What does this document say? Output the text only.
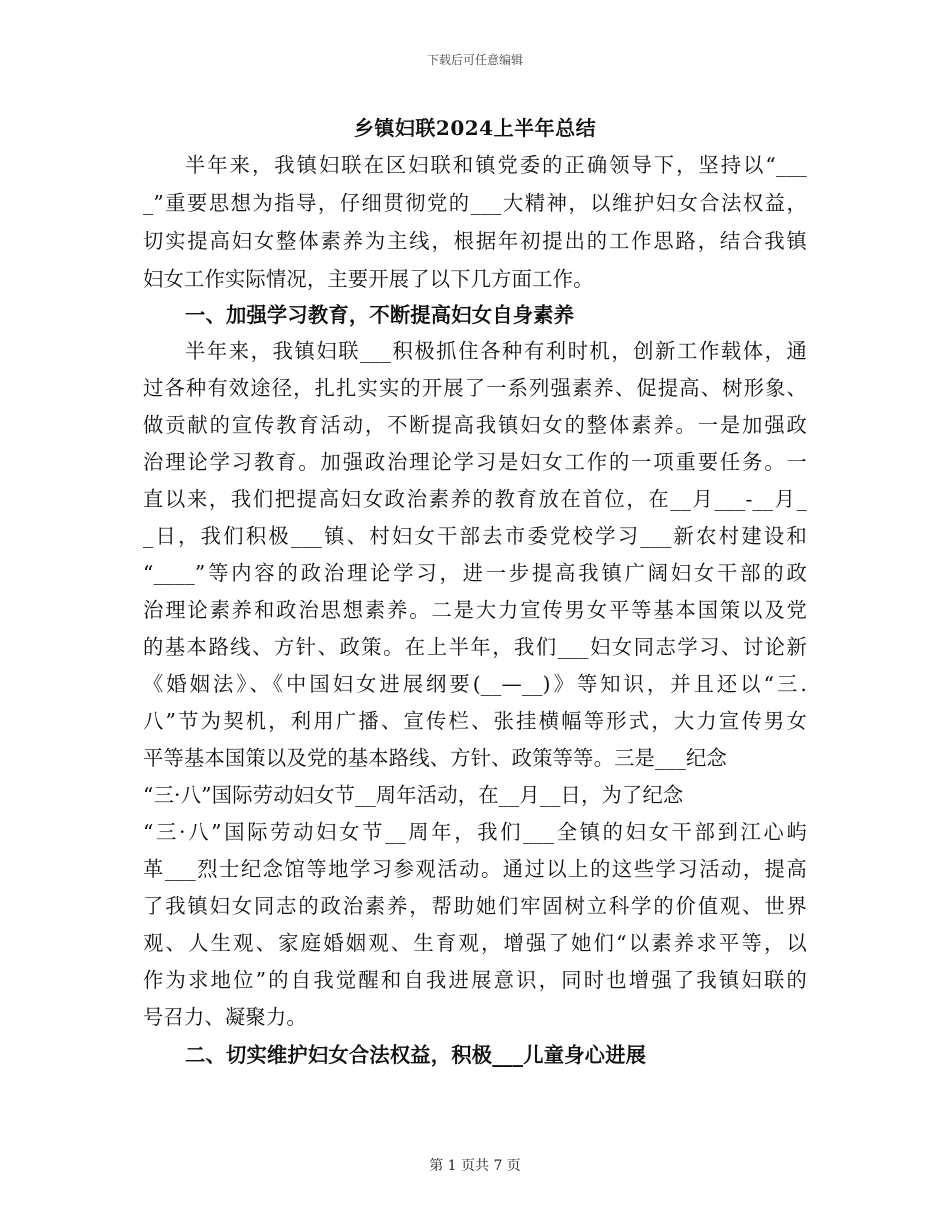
下载后可任意编辑
乡镇妇联2024上半年总结
半年来，我镇妇联在区妇联和镇党委的正确领导下，坚持以“___
_”重要思想为指导，仔细贯彻党的___大精神，以维护妇女合法权益，
切实提高妇女整体素养为主线，根据年初提出的工作思路，结合我镇
妇女工作实际情况，主要开展了以下几方面工作。
一、加强学习教育，不断提高妇女自身素养
半年来，我镇妇联___积极抓住各种有利时机，创新工作载体，通
过各种有效途径，扎扎实实的开展了一系列强素养、促提高、树形象、
做贡献的宣传教育活动，不断提高我镇妇女的整体素养。一是加强政
治理论学习教育。加强政治理论学习是妇女工作的一项重要任务。一
直以来，我们把提高妇女政治素养的教育放在首位，在__月___-__月_
_日，我们积极___镇、村妇女干部去市委党校学习___新农村建设和
“____”等内容的政治理论学习，进一步提高我镇广阔妇女干部的政
治理论素养和政治思想素养。二是大力宣传男女平等基本国策以及党
的基本路线、方针、政策。在上半年，我们___妇女同志学习、讨论新
《婚姻法》、《中国妇女进展纲要(__—__)》等知识，并且还以“三.
八”节为契机，利用广播、宣传栏、张挂横幅等形式，大力宣传男女
平等基本国策以及党的基本路线、方针、政策等等。三是___纪念
“三·八”国际劳动妇女节__周年活动，在__月__日，为了纪念
“三·八”国际劳动妇女节__周年，我们___全镇的妇女干部到江心屿
革___烈士纪念馆等地学习参观活动。通过以上的这些学习活动，提高
了我镇妇女同志的政治素养，帮助她们牢固树立科学的价值观、世界
观、人生观、家庭婚姻观、生育观，增强了她们“以素养求平等，以
作为求地位”的自我觉醒和自我进展意识，同时也增强了我镇妇联的
号召力、凝聚力。
二、切实维护妇女合法权益，积极___儿童身心进展
第 1 页共 7 页
